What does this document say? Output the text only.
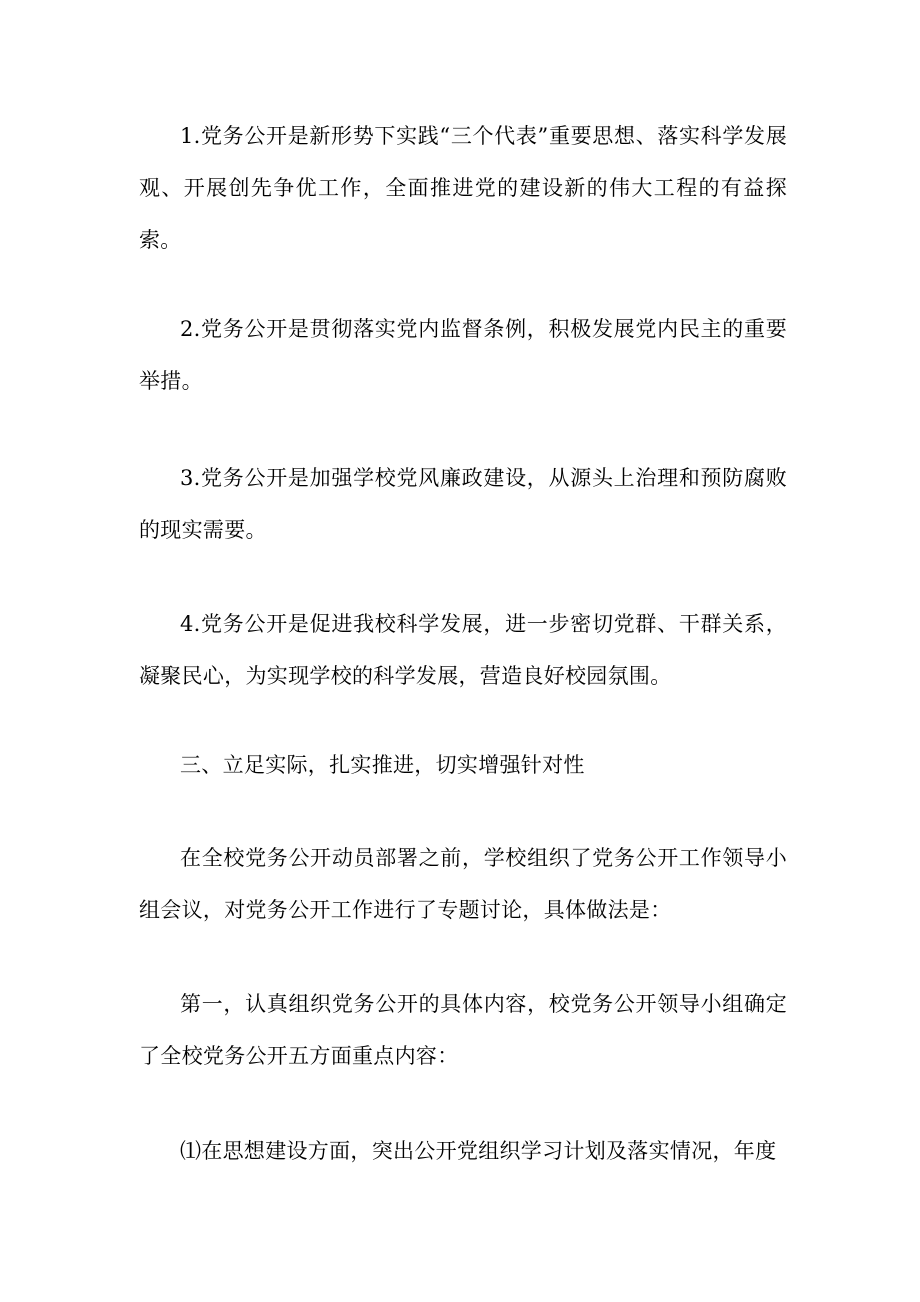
1.党务公开是新形势下实践“三个代表”重要思想、落实科学发展观、开展创先争优工作，全面推进党的建设新的伟大工程的有益探索。

2.党务公开是贯彻落实党内监督条例，积极发展党内民主的重要举措。

3.党务公开是加强学校党风廉政建设，从源头上治理和预防腐败的现实需要。

4.党务公开是促进我校科学发展，进一步密切党群、干群关系，凝聚民心，为实现学校的科学发展，营造良好校园氛围。

三、立足实际，扎实推进，切实增强针对性

在全校党务公开动员部署之前，学校组织了党务公开工作领导小组会议，对党务公开工作进行了专题讨论，具体做法是：

第一，认真组织党务公开的具体内容，校党务公开领导小组确定了全校党务公开五方面重点内容：

⑴在思想建设方面，突出公开党组织学习计划及落实情况，年度
